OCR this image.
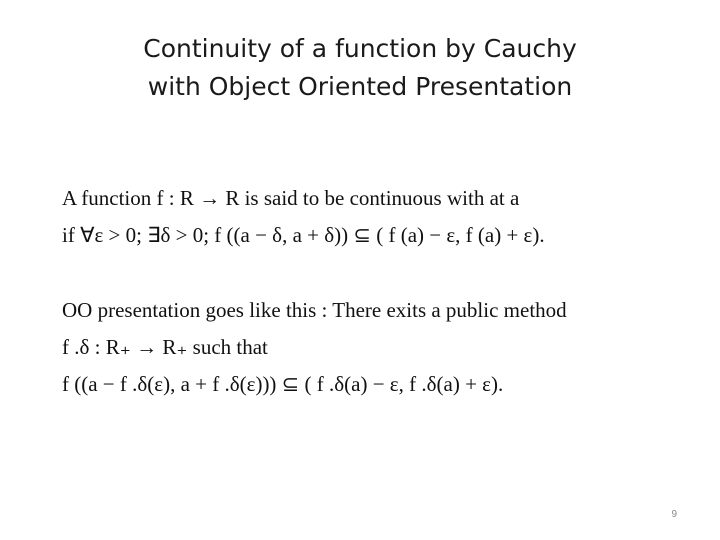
Continuity of a function by Cauchy
with Object Oriented Presentation
A function f : R → R is said to be continuous with at a
if ∀ε > 0; ∃δ > 0; f ((a − δ, a + δ)) ⊆ ( f (a) − ε, f (a) + ε).
OO presentation goes like this : There exits a public method
f .δ : R₊ → R₊ such that
f ((a − f .δ(ε), a + f .δ(ε))) ⊆ ( f .δ(a) − ε, f .δ(a) + ε).
9
